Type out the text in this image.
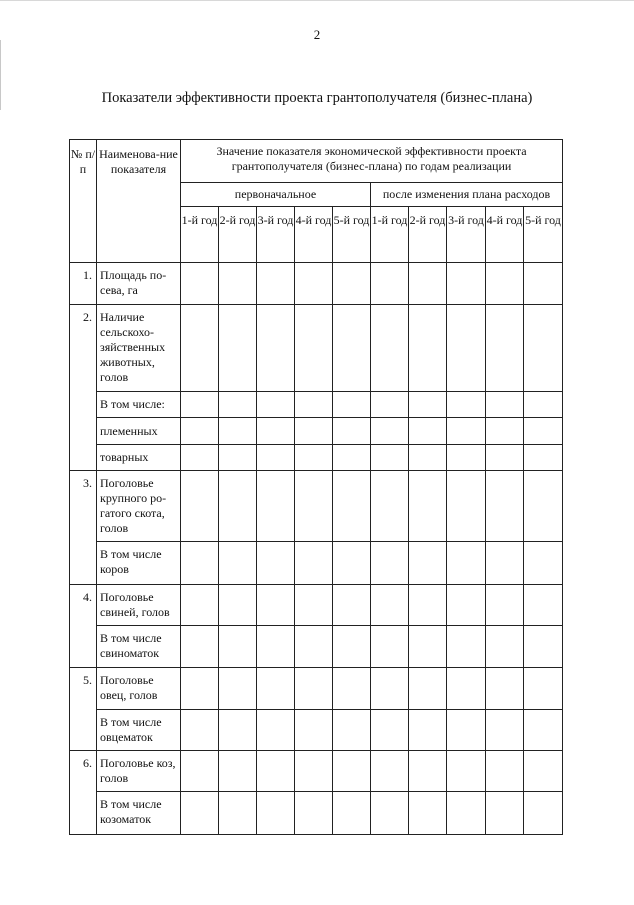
2
Показатели эффективности проекта грантополучателя (бизнес-плана)
№ п/п	Наименова-ние показателя	Значение показателя экономической эффективности проекта грантополучателя (бизнес-плана) по годам реализации									
		первоначальное					после изменения плана расходов				
		1-й год	2-й год	3-й год	4-й год	5-й год	1-й год	2-й год	3-й год	4-й год	5-й год
1.	Площадь по-сева, га										
2.	Наличие сельскохо-зяйственных животных, голов										
	В том числе:										
	племенных										
	товарных										
3.	Поголовье крупного ро-гатого скота, голов										
	В том числе коров										
4.	Поголовье свиней, голов										
	В том числе свиноматок										
5.	Поголовье овец, голов										
	В том числе овцематок										
6.	Поголовье коз, голов										
	В том числе козоматок										
